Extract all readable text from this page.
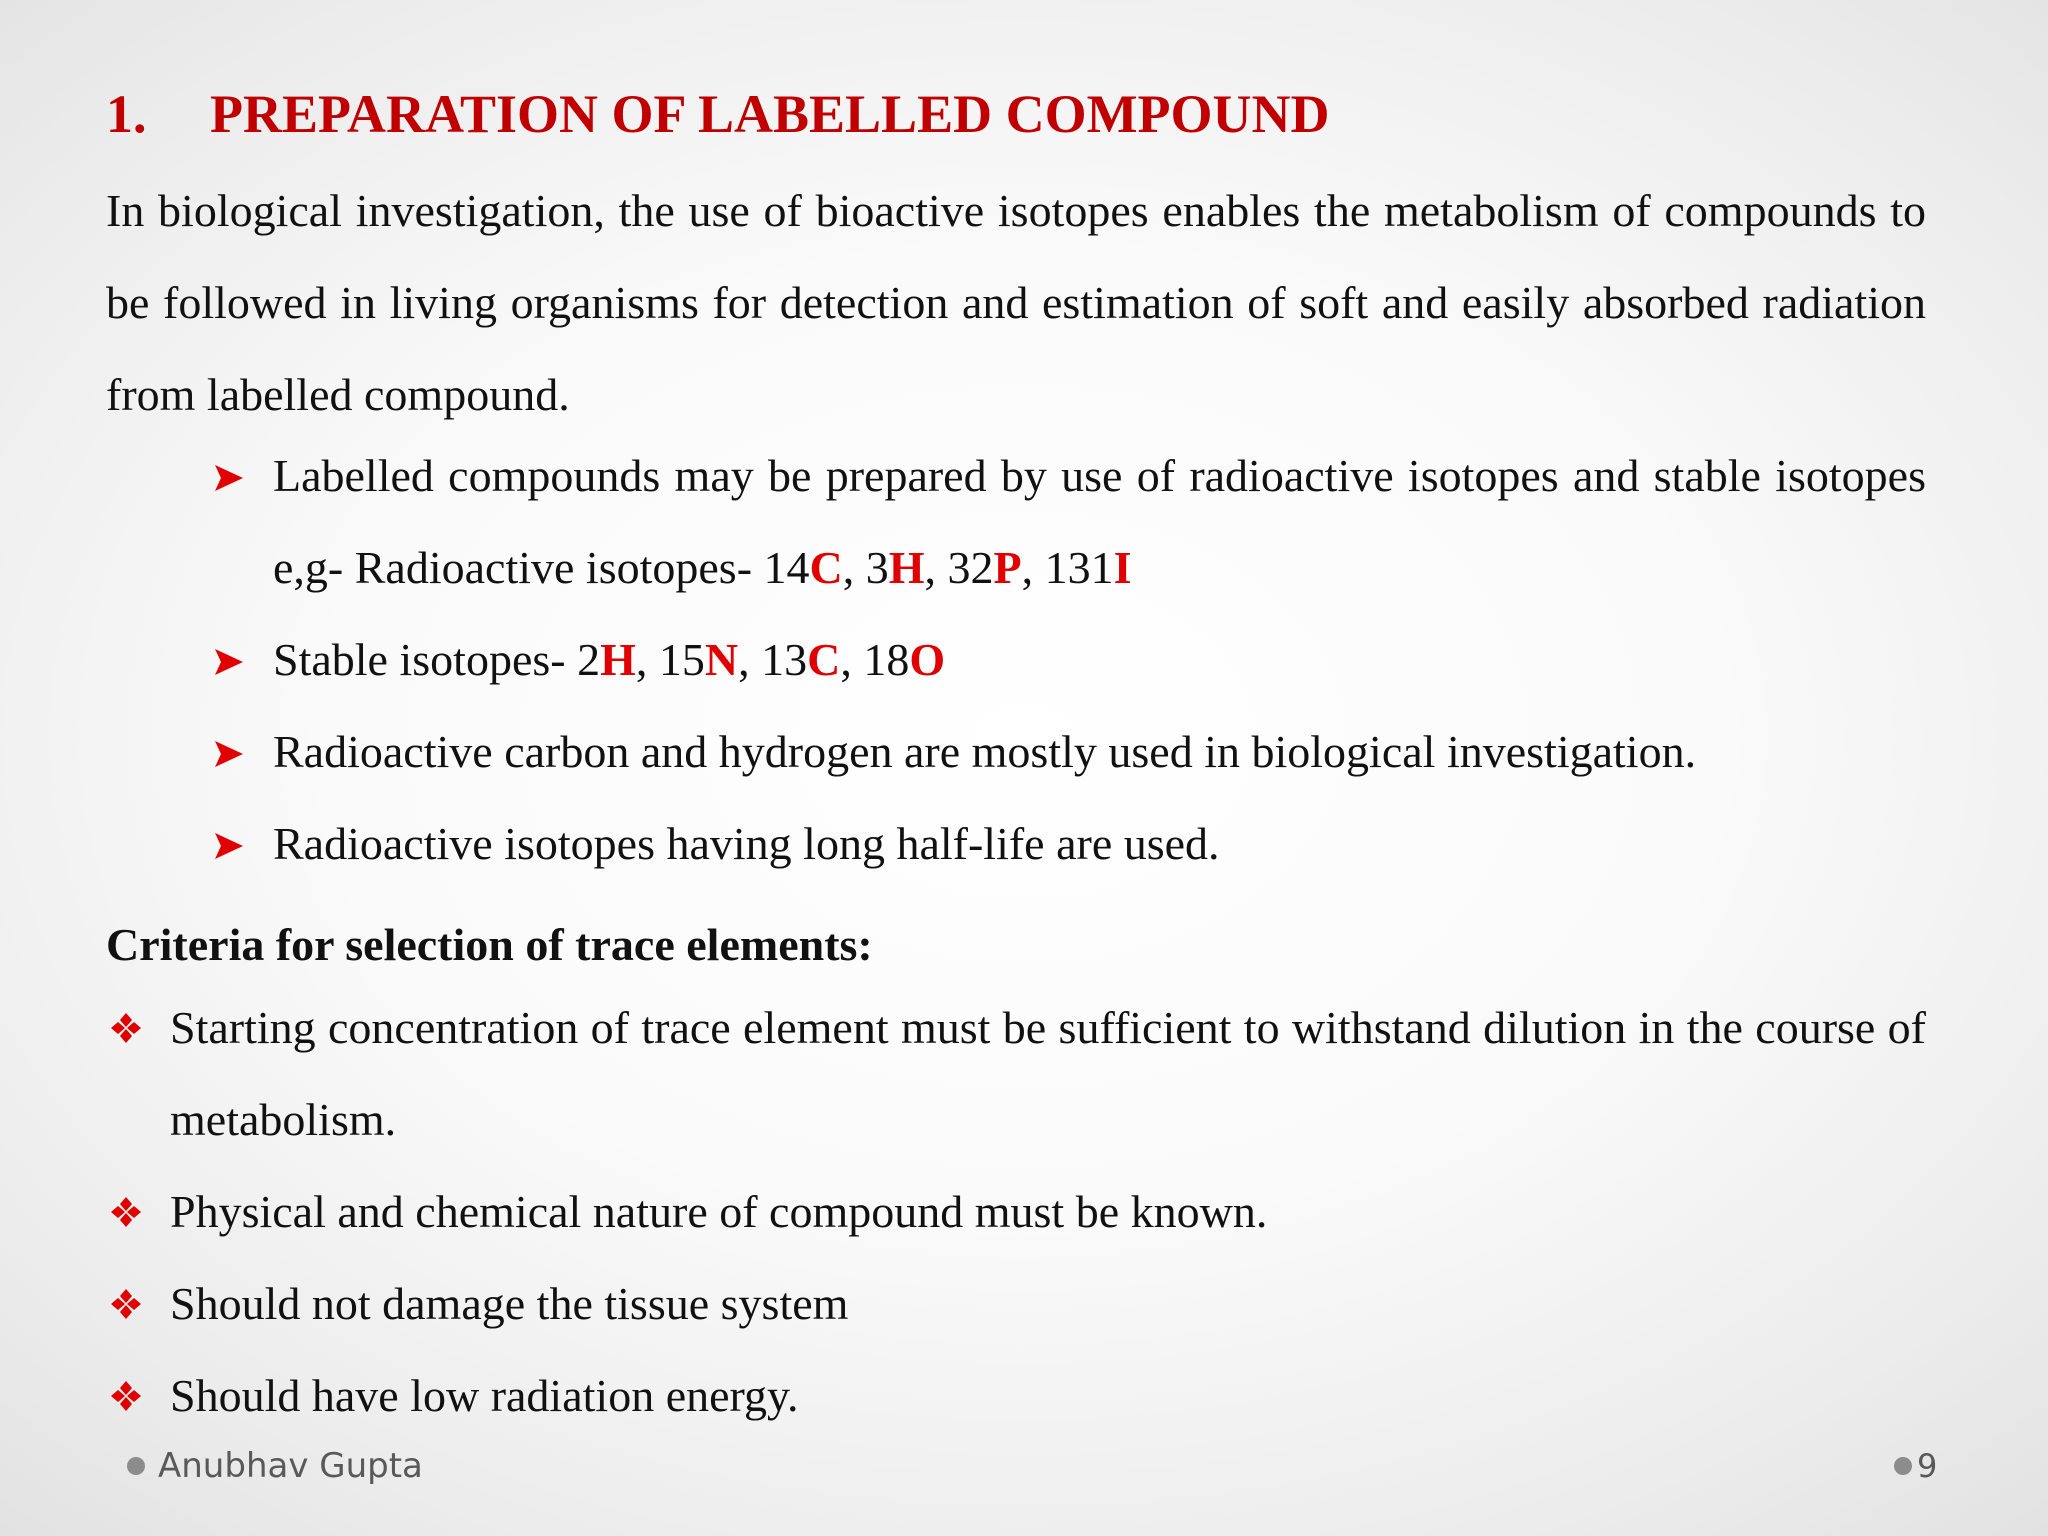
1. PREPARATION OF LABELLED COMPOUND

In biological investigation, the use of bioactive isotopes enables the metabolism of compounds to be followed in living organisms for detection and estimation of soft and easily absorbed radiation from labelled compound.

Labelled compounds may be prepared by use of radioactive isotopes and stable isotopes e,g- Radioactive isotopes- 14C, 3H, 32P, 131I
Stable isotopes- 2H, 15N, 13C, 18O
Radioactive carbon and hydrogen are mostly used in biological investigation.
Radioactive isotopes having long half-life are used.
Criteria for selection of trace elements:
Starting concentration of trace element must be sufficient to withstand dilution in the course of metabolism.
Physical and chemical nature of compound must be known.
Should not damage the tissue system
Should have low radiation energy.
Anubhav Gupta	9
